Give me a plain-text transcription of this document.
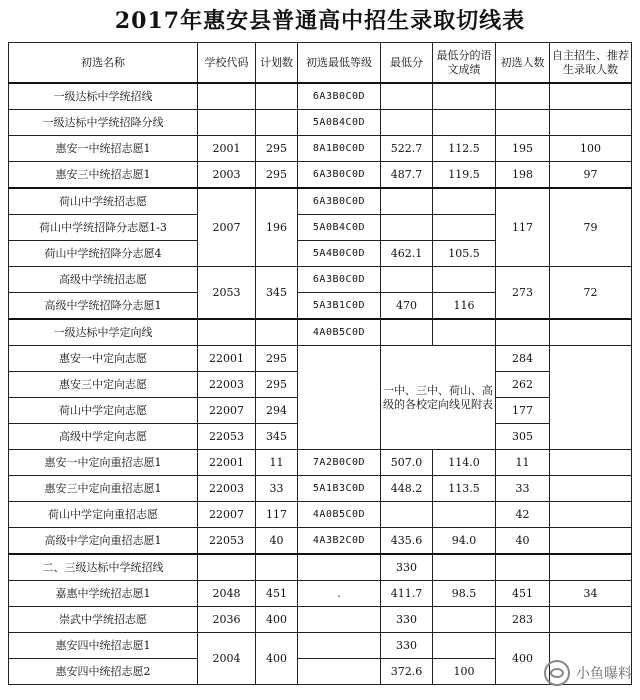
2017年惠安县普通高中招生录取切线表
初选名称	学校代码	计划数	初选最低等级	最低分	最低分的语文成绩	初选人数	自主招生、推荐生录取人数
一级达标中学统招线			6A3B0C0D				
一级达标中学统招降分线			5A0B4C0D				
惠安一中统招志愿1	2001	295	8A1B0C0D	522.7	112.5	195	100
惠安三中统招志愿1	2003	295	6A3B0C0D	487.7	119.5	198	97
荷山中学统招志愿	2007	196	6A3B0C0D			117	79
荷山中学统招降分志愿1-3			5A0B4C0D				
荷山中学统招降分志愿4			5A4B0C0D	462.1	105.5		
高级中学统招志愿	2053	345	6A3B0C0D			273	72
高级中学统招降分志愿1			5A3B1C0D	470	116		
一级达标中学定向线			4A0B5C0D				
惠安一中定向志愿	22001	295		一中、三中、荷山、高级的各校定向线见附表		284	
惠安三中定向志愿	22003	295				262	
荷山中学定向志愿	22007	294				177	
高级中学定向志愿	22053	345				305	
惠安一中定向重招志愿1	22001	11	7A2B0C0D	507.0	114.0	11	
惠安三中定向重招志愿1	22003	33	5A1B3C0D	448.2	113.5	33	
荷山中学定向重招志愿	22007	117	4A0B5C0D			42	
高级中学定向重招志愿1	22053	40	4A3B2C0D	435.6	94.0	40	
二、三级达标中学统招线				330			
嘉惠中学统招志愿1	2048	451	.	411.7	98.5	451	34
崇武中学统招志愿	2036	400		330		283	
惠安四中统招志愿1	2004	400		330		400	
惠安四中统招志愿2				372.6	100			小鱼曝料
